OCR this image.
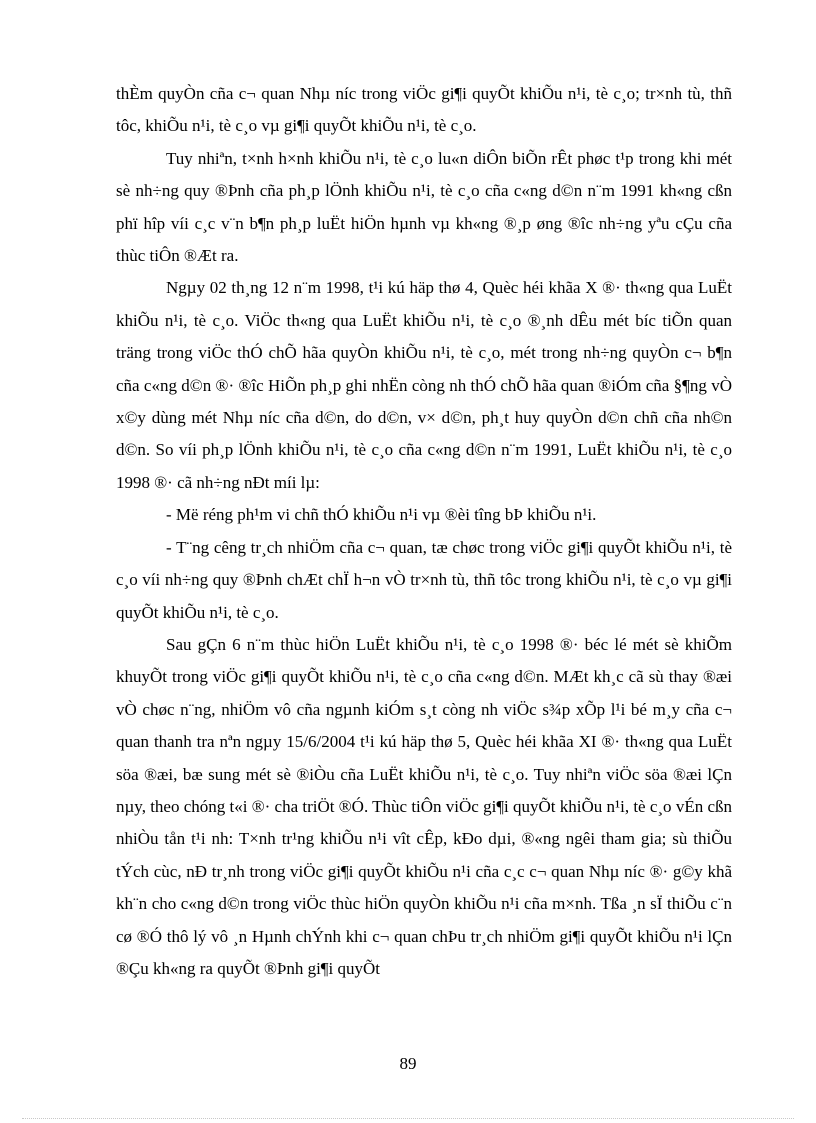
thÈm quyÒn cña c¬ quan Nhµ níc trong viÖc gi¶i quyÕt khiÕu n¹i, tè c¸o; tr×nh tù, thñ tôc, khiÕu n¹i, tè c¸o vµ gi¶i quyÕt khiÕu n¹i, tè c¸o.

Tuy nhiªn, t×nh h×nh khiÕu n¹i, tè c¸o lu«n diÔn biÕn rÊt phøc t¹p trong khi mét sè nh÷ng quy ®Þnh cña ph¸p lÖnh khiÕu n¹i, tè c¸o cña c«ng d©n n¨m 1991 kh«ng cßn phï hîp víi c¸c v¨n b¶n ph¸p luËt hiÖn hµnh vµ kh«ng ®¸p øng ®îc nh÷ng yªu cÇu cña thùc tiÔn ®Æt ra.

Ngµy 02 th¸ng 12 n¨m 1998, t¹i kú häp thø 4, Quèc héi khãa X ®· th«ng qua LuËt khiÕu n¹i, tè c¸o. ViÖc th«ng qua LuËt khiÕu n¹i, tè c¸o ®¸nh dÊu mét bíc tiÕn quan träng trong viÖc thÓ chÕ hãa quyÒn khiÕu n¹i, tè c¸o, mét trong nh÷ng quyÒn c¬ b¶n cña c«ng d©n ®· ®îc HiÕn ph¸p ghi nhËn còng nh thÓ chÕ hãa quan ®iÓm cña §¶ng vÒ x©y dùng mét Nhµ níc cña d©n, do d©n, v× d©n, ph¸t huy quyÒn d©n chñ cña nh©n d©n. So víi ph¸p lÖnh khiÕu n¹i, tè c¸o cña c«ng d©n n¨m 1991, LuËt khiÕu n¹i, tè c¸o 1998 ®· cã nh÷ng nÐt míi lµ:

- Më réng ph¹m vi chñ thÓ khiÕu n¹i vµ ®èi tîng bÞ khiÕu n¹i.

- T¨ng cêng tr¸ch nhiÖm cña c¬ quan, tæ chøc trong viÖc gi¶i quyÕt khiÕu n¹i, tè c¸o víi nh÷ng quy ®Þnh chÆt chÏ h¬n vÒ tr×nh tù, thñ tôc trong khiÕu n¹i, tè c¸o vµ gi¶i quyÕt khiÕu n¹i, tè c¸o.

Sau gÇn 6 n¨m thùc hiÖn LuËt khiÕu n¹i, tè c¸o 1998 ®· béc lé mét sè khiÕm khuyÕt trong viÖc gi¶i quyÕt khiÕu n¹i, tè c¸o cña c«ng d©n. MÆt kh¸c cã sù thay ®æi vÒ chøc n¨ng, nhiÖm vô cña ngµnh kiÓm s¸t còng nh viÖc s¾p xÕp l¹i bé m¸y cña c¬ quan thanh tra nªn ngµy 15/6/2004 t¹i kú häp thø 5, Quèc héi khãa XI ®· th«ng qua LuËt söa ®æi, bæ sung mét sè ®iÒu cña LuËt khiÕu n¹i, tè c¸o. Tuy nhiªn viÖc söa ®æi lÇn nµy, theo chóng t«i ®· cha triÖt ®Ó. Thùc tiÔn viÖc gi¶i quyÕt khiÕu n¹i, tè c¸o vÉn cßn nhiÒu tån t¹i nh: T×nh tr¹ng khiÕu n¹i vît cÊp, kÐo dµi, ®«ng ngêi tham gia; sù thiÕu tÝch cùc, nÐ tr¸nh trong viÖc gi¶i quyÕt khiÕu n¹i cña c¸c c¬ quan Nhµ níc ®· g©y khã kh¨n cho c«ng d©n trong viÖc thùc hiÖn quyÒn khiÕu n¹i cña m×nh. Tßa ¸n sÏ thiÕu c¨n cø ®Ó thô lý vô ¸n Hµnh chÝnh khi c¬ quan chÞu tr¸ch nhiÖm gi¶i quyÕt khiÕu n¹i lÇn ®Çu kh«ng ra quyÕt ®Þnh gi¶i quyÕt

89
